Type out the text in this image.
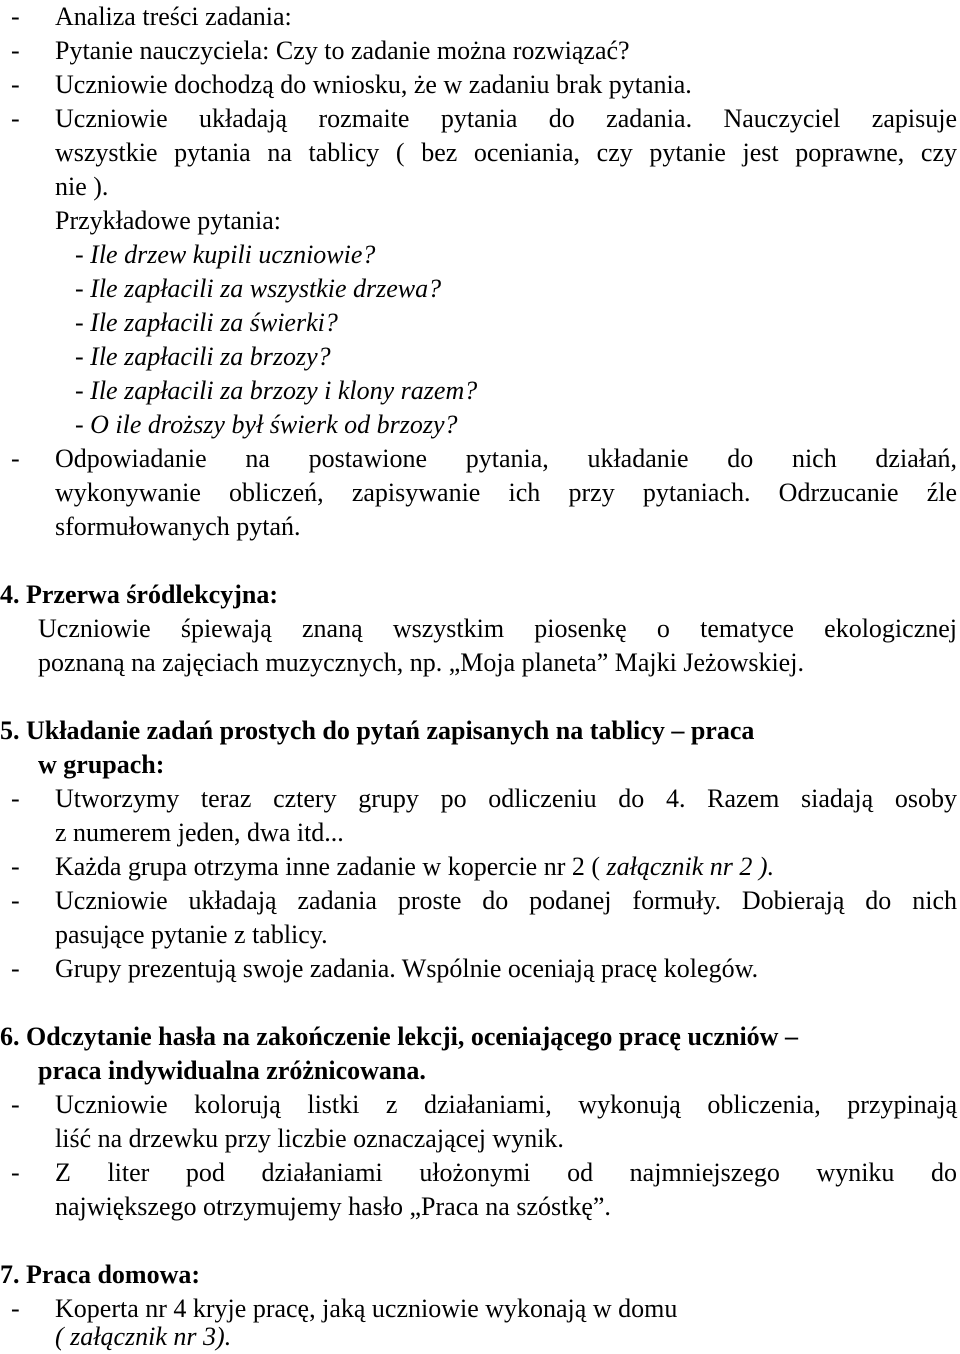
- Analiza treści zadania:
- Pytanie nauczyciela: Czy to zadanie można rozwiązać?
- Uczniowie dochodzą do wniosku, że w zadaniu brak pytania.
- Uczniowie układają rozmaite pytania do zadania. Nauczyciel zapisuje
wszystkie pytania na tablicy ( bez oceniania, czy pytanie jest poprawne, czy
nie ).
Przykładowe pytania:
- Ile drzew kupili uczniowie?
- Ile zapłacili za wszystkie drzewa?
- Ile zapłacili za świerki?
- Ile zapłacili za brzozy?
- Ile zapłacili za brzozy i klony razem?
- O ile droższy był świerk od brzozy?
- Odpowiadanie na postawione pytania, układanie do nich działań,
wykonywanie obliczeń, zapisywanie ich przy pytaniach. Odrzucanie źle
sformułowanych pytań.
4. Przerwa śródlekcyjna:
Uczniowie śpiewają znaną wszystkim piosenkę o tematyce ekologicznej
poznaną na zajęciach muzycznych, np. „Moja planeta” Majki Jeżowskiej.
5. Układanie zadań prostych do pytań zapisanych na tablicy – praca
w grupach:
- Utworzymy teraz cztery grupy po odliczeniu do 4. Razem siadają osoby
z numerem jeden, dwa itd...
- Każda grupa otrzyma inne zadanie w kopercie nr 2 ( załącznik nr 2 ).
- Uczniowie układają zadania proste do podanej formuły. Dobierają do nich
pasujące pytanie z tablicy.
- Grupy prezentują swoje zadania. Wspólnie oceniają pracę kolegów.
6. Odczytanie hasła na zakończenie lekcji, oceniającego pracę uczniów –
praca indywidualna zróżnicowana.
- Uczniowie kolorują listki z działaniami, wykonują obliczenia, przypinają
liść na drzewku przy liczbie oznaczającej wynik.
- Z liter pod działaniami ułożonymi od najmniejszego wyniku do
największego otrzymujemy hasło „Praca na szóstkę”.
7. Praca domowa:
- Koperta nr 4 kryje pracę, jaką uczniowie wykonają w domu
( załącznik nr 3).
